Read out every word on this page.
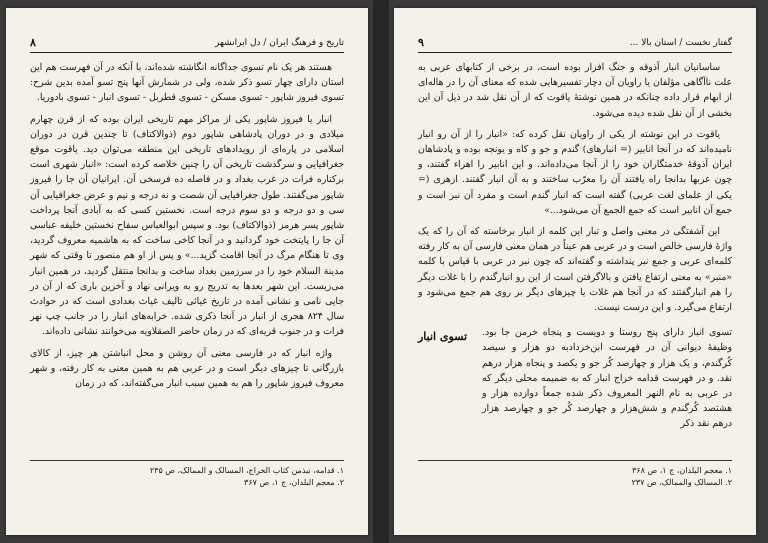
تاریخ و فرهنگ ایران / دل ایرانشهر
۸

هستند هر یک نام تسوی جداگانه انگاشته شده‌اند، با آنکه در آن فهرست هم این استان دارای چهار تسو ذکر شده، ولی در شمارش آنها پنج تسو آمده بدین شرح: تسوی فیروز شاپور - تسوی مسکن - تسوی قطربل - تسوی انبار - تسوی بادوریا.

انبار یا فیروز شاپور یکی از مراکز مهم تاریخی ایران بوده که از قرن چهارم میلادی و در دوران پادشاهی شاپور دوم (ذوالاکتاف) تا چندین قرن در دوران اسلامی در پاره‌ای از رویدادهای تاریخی این منطقه می‌توان دید. یاقوت موقع جغرافیایی و سرگذشت تاریخی آن را چنین خلاصه کرده است: «انبار شهری است برکناره فرات در غرب بغداد و در فاصله ده فرسخی آن. ایرانیان آن جا را فیروز شاپور می‌گفتند. طول جغرافیایی آن شصت و نه درجه و نیم و عرض جغرافیایی آن سی و دو درجه و دو سوم درجه است. نخستین کسی که به آبادی آنجا پرداخت شاپور پسر هرمز (ذوالاکتاف) بود. و سپس ابوالعباس سفاح نخستین خلیفه عباسی آن جا را پایتخت خود گردانید و در آنجا کاخی ساخت که به هاشمیه معروف گردید، وی تا هنگام مرگ در آنجا اقامت گزید...» و پس از او هم منصور تا وقتی که شهر مدینة السلام خود را در سرزمین بغداد ساخت و بدانجا منتقل گردید، در همین انبار می‌زیست. این شهر بعدها به تدریج رو به ویرانی نهاد و آخرین باری که از آن در جایی نامی و نشانی آمده در تاریخ غیاثی تالیف غیاث بغدادی است که در حوادث سال ۸۲۴ هجری از انبار در آنجا ذکری شده. خرابه‌های انبار را در جانب چپ نهر فرات و در جنوب قریه‌ای که در زمان حاضر الصقلاویه می‌خوانند نشانی داده‌اند.

واژه انبار که در فارسی معنی آن روشن و محل انباشتن هر چیز، از کالای بازرگانی تا چیزهای دیگر است و در عربی هم به همین معنی به کار رفته، و شهر معروف فیروز شاپور را هم به همین سبب انبار می‌گفته‌اند، که در زمان

۱. قدامه، نبذمن کتاب الخراج، المسالک و الممالک، ص ۲۳۵
۲. معجم البلدان، ج ۱، ص ۳۶۷
گفتار نخست / استان بالا ...
۹

ساسانیان انبار آذوقه و جنگ افزار بوده است، در برخی از کتابهای عربی به علت ناآگاهی مؤلفان یا راویان آن دچار تفسیرهایی شده که معنای آن را در هاله‌ای از ابهام قرار داده چنانکه در همین نوشتهٔ یاقوت که از آن نقل شد در ذیل آن این بخشی از آن نقل شده دیده می‌شود.

یاقوت در این نوشته از یکی از راویان نقل کرده که: «انبار را از آن رو انبار نامیده‌اند که در آنجا انابیر (= انبارهای) گندم و جو و کاه و یونجه بوده و پادشاهان ایران آذوقهٔ خدمتگاران خود را از آنجا می‌داده‌اند. و این انابیر را اهراء گفتند، و چون عربها بدانجا راه یافتند آن را معرّب ساختند و به آن انبار گفتند. ازهری (= یکی از علمای لغت عربی) گفته است که انبار گندم است و مفرد آن نبر است و جمع آن انابیر است که جمع الجمع آن می‌شود...»

این آشفتگی در معنی واصل و تبار این کلمه از انبار برخاسته که آن را که یک واژهٔ فارسی خالص است و در عربی هم عیناً در همان معنی فارسی آن به کار رفته کلمه‌ای عربی و جمع نبر پنداشته و گفته‌اند که چون نبر در عربی با قیاس با کلمه «منبر» به معنی ارتفاع یافتن و بالاگرفتن است از این رو انبارگندم را با غلات دیگر را هم انبارگفتند که در آنجا هم غلات یا چیزهای دیگر بر روی هم جمع می‌شود و ارتفاع می‌گیرد. و این درست نیست.

تسوی انبار	تسوی انبار دارای پنج روستا و دویست و پنجاه خرمن جا بود. وظیفهٔ دیوانی آن در فهرست ابن‌خردادبه دو هزار و سیصد کُرگندم، و یک هزار و چهارصد کُر جو و یکصد و پنجاه هزار درهم نقد. و در فهرست قدامه خراج انبار که به ضمیمه محلی دیگر که در عربی به نام النهر المعروف ذکر شده جمعاً دوازده هزار و هشتصد کُرگندم و شش‌هزار و چهارصد کُر جو و چهارصد هزار درهم نقد ذکر

۱. معجم البلدان، ج ۱، ص ۳۶۸
۲. المسالک والممالک، ص ۲۳۷
